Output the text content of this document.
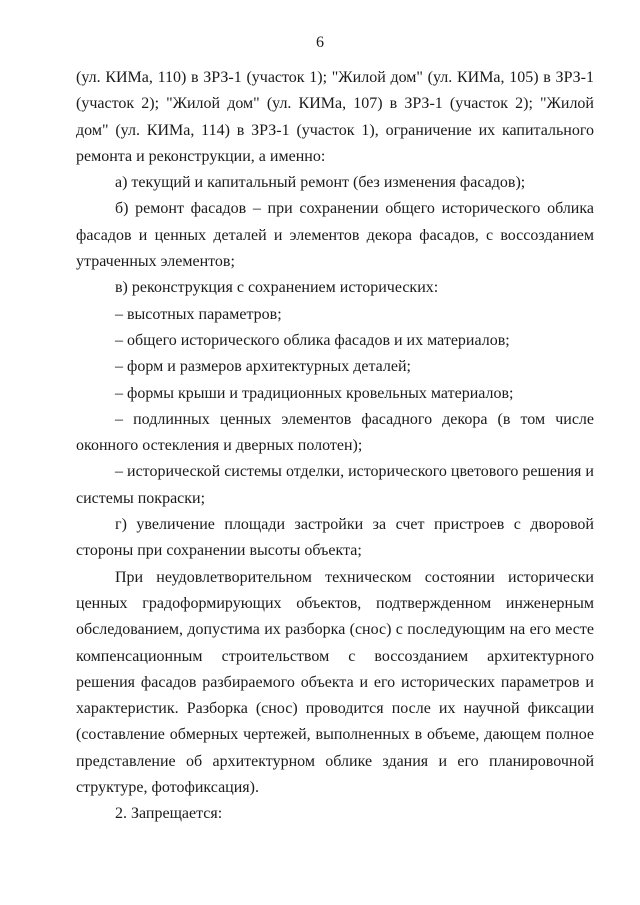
6

(ул. КИМа, 110) в ЗРЗ-1 (участок 1); "Жилой дом" (ул. КИМа, 105) в ЗРЗ-1 (участок 2); "Жилой дом" (ул. КИМа, 107) в ЗРЗ-1 (участок 2); "Жилой дом" (ул. КИМа, 114) в ЗРЗ-1 (участок 1), ограничение их капитального ремонта и реконструкции, а именно:

а) текущий и капитальный ремонт (без изменения фасадов);

б) ремонт фасадов – при сохранении общего исторического облика фасадов и ценных деталей и элементов декора фасадов, с воссозданием утраченных элементов;

в) реконструкция с сохранением исторических:

– высотных параметров;

– общего исторического облика фасадов и их материалов;

– форм и размеров архитектурных деталей;

– формы крыши и традиционных кровельных материалов;

– подлинных ценных элементов фасадного декора (в том числе оконного остекления и дверных полотен);

– исторической системы отделки, исторического цветового решения и системы покраски;

г) увеличение площади застройки за счет пристроев с дворовой стороны при сохранении высоты объекта;

При неудовлетворительном техническом состоянии исторически ценных градоформирующих объектов, подтвержденном инженерным обследованием, допустима их разборка (снос) с последующим на его месте компенсационным строительством с воссозданием архитектурного решения фасадов разбираемого объекта и его исторических параметров и характеристик. Разборка (снос) проводится после их научной фиксации (составление обмерных чертежей, выполненных в объеме, дающем полное представление об архитектурном облике здания и его планировочной структуре, фотофиксация).

2. Запрещается:
